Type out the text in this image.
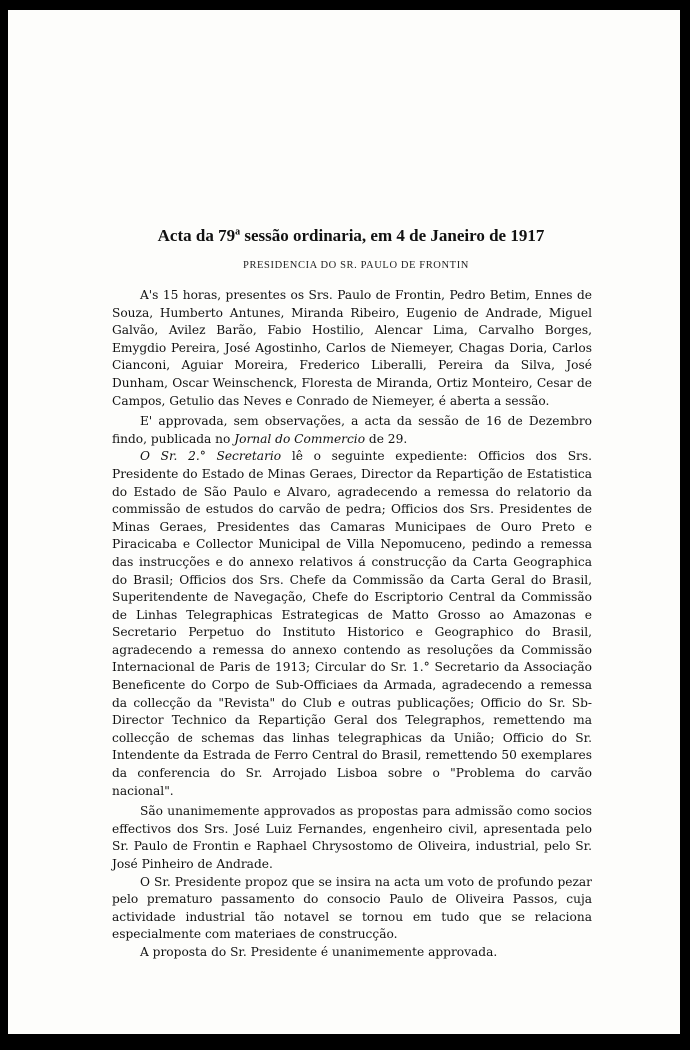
Acta da 79$^a$ sessão ordinaria, em 4 de Janeiro de 1917
PRESIDENCIA DO SR. PAULO DE FRONTIN

A's 15 horas, presentes os Srs. Paulo de Frontin, Pedro Betim, Ennes de Souza, Humberto Antunes, Miranda Ribeiro, Eugenio de Andrade, Miguel Galvão, Avilez Barão, Fabio Hostilio, Alencar Lima, Carvalho Borges, Emygdio Pereira, José Agostinho, Carlos de Niemeyer, Chagas Doria, Carlos Cianconi, Aguiar Moreira, Frederico Liberalli, Pereira da Silva, José Dunham, Oscar Weinschenck, Floresta de Miranda, Ortiz Monteiro, Cesar de Campos, Getulio das Neves e Conrado de Niemeyer, é aberta a sessão.

E' approvada, sem observações, a acta da sessão de 16 de Dezembro findo, publicada no Jornal do Commercio de 29.

O Sr. 2.° Secretario lê o seguinte expediente: Officios dos Srs. Presidente do Estado de Minas Geraes, Director da Repartição de Estatistica do Estado de São Paulo e Alvaro, agradecendo a remessa do relatorio da commissão de estudos do carvão de pedra; Officios dos Srs. Presidentes de Minas Geraes, Presidentes das Camaras Municipaes de Ouro Preto e Piracicaba e Collector Municipal de Villa Nepomuceno, pedindo a remessa das instrucções e do annexo relativos á construcção da Carta Geographica do Brasil; Officios dos Srs. Chefe da Commissão da Carta Geral do Brasil, Superitendente de Navegação, Chefe do Escriptorio Central da Commissão de Linhas Telegraphicas Estrategicas de Matto Grosso ao Amazonas e Secretario Perpetuo do Instituto Historico e Geographico do Brasil, agradecendo a remessa do annexo contendo as resoluções da Commissão Internacional de Paris de 1913; Circular do Sr. 1.° Secretario da Associação Beneficente do Corpo de Sub-Officiaes da Armada, agradecendo a remessa da collecção da "Revista" do Club e outras publicações; Officio do Sr. Sb-Director Technico da Repartição Geral dos Telegraphos, remettendo ma collecção de schemas das linhas telegraphicas da União; Officio do Sr. Intendente da Estrada de Ferro Central do Brasil, remettendo 50 exemplares da conferencia do Sr. Arrojado Lisboa sobre o "Problema do carvão nacional".

São unanimemente approvados as propostas para admissão como socios effectivos dos Srs. José Luiz Fernandes, engenheiro civil, apresentada pelo Sr. Paulo de Frontin e Raphael Chrysostomo de Oliveira, industrial, pelo Sr. José Pinheiro de Andrade.

O Sr. Presidente propoz que se insira na acta um voto de profundo pezar pelo prematuro passamento do consocio Paulo de Oliveira Passos, cuja actividade industrial tão notavel se tornou em tudo que se relaciona especialmente com materiaes de construcção.

A proposta do Sr. Presidente é unanimemente approvada.
